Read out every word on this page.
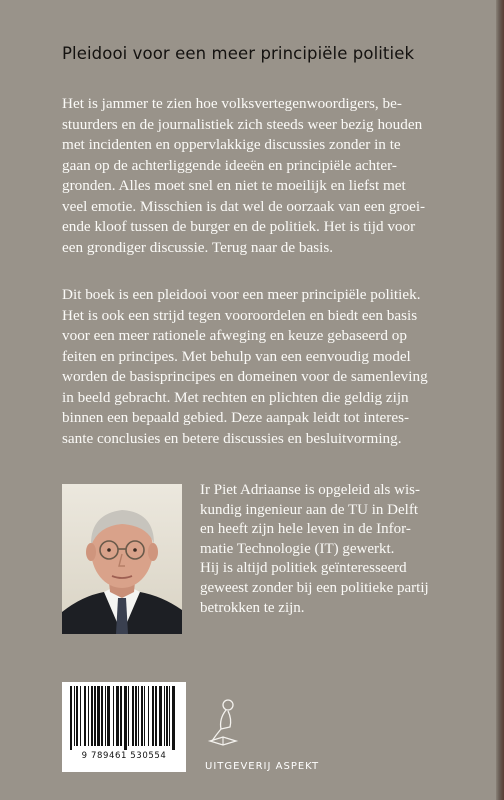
Pleidooi voor een meer principiële politiek
Het is jammer te zien hoe volksvertegenwoordigers, be-
stuurders en de journalistiek zich steeds weer bezig houden
met incidenten en oppervlakkige discussies zonder in te
gaan op de achterliggende ideeën en principiële achter-
gronden. Alles moet snel en niet te moeilijk en liefst met
veel emotie. Misschien is dat wel de oorzaak van een groei-
ende kloof tussen de burger en de politiek. Het is tijd voor
een grondiger discussie. Terug naar de basis.
Dit boek is een pleidooi voor een meer principiële politiek.
Het is ook een strijd tegen vooroordelen en biedt een basis
voor een meer rationele afweging en keuze gebaseerd op
feiten en principes. Met behulp van een eenvoudig model
worden de basisprincipes en domeinen voor de samenleving
in beeld gebracht. Met rechten en plichten die geldig zijn
binnen een bepaald gebied. Deze aanpak leidt tot interes-
sante conclusies en betere discussies en besluitvorming.
Ir Piet Adriaanse is opgeleid als wis-
kundig ingenieur aan de TU in Delft
en heeft zijn hele leven in de Infor-
matie Technologie (IT) gewerkt.
Hij is altijd politiek geïnteresseerd
geweest zonder bij een politieke partij
betrokken te zijn.
9 789461 530554
UITGEVERIJ ASPEKT
